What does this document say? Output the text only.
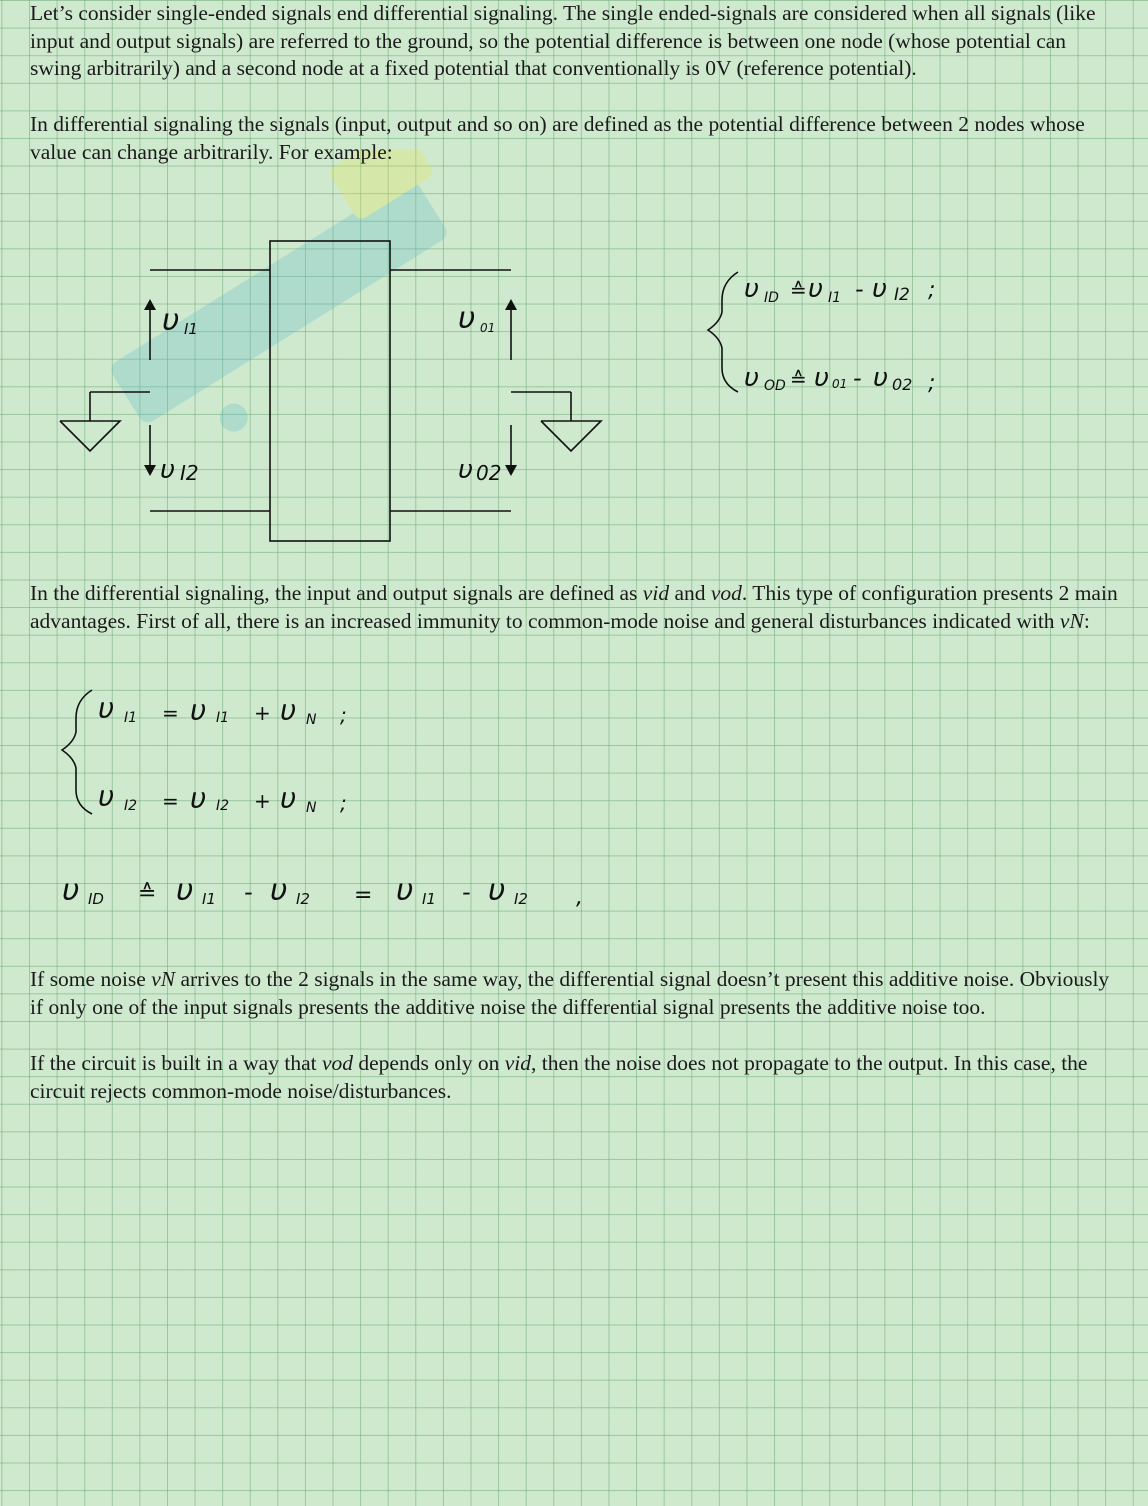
Let’s consider single-ended signals end differential signaling. The single ended-signals are considered when all signals (like input and output signals) are referred to the ground, so the potential difference is between one node (whose potential can swing arbitrarily) and a second node at a fixed potential that conventionally is 0V (reference potential).

In differential signaling the signals (input, output and so on) are defined as the potential difference between 2 nodes whose value can change arbitrarily. For example:

υ I1
υ I2
υ 01
υ 02
υ ID ≙ υ I1 - υ I2 ;
υ OD ≙ υ 01 - υ 02 ;
υ I1 = υ I1 + υ N ;
υ I2 = υ I2 + υ N ;
υ ID ≙ υ I1 - υ I2 = υ I1 - υ I2 ,

In the differential signaling, the input and output signals are defined as vid and vod. This type of configuration presents 2 main advantages. First of all, there is an increased immunity to common-mode noise and general disturbances indicated with vN:

If some noise vN arrives to the 2 signals in the same way, the differential signal doesn’t present this additive noise. Obviously if only one of the input signals presents the additive noise the differential signal presents the additive noise too.

If the circuit is built in a way that vod depends only on vid, then the noise does not propagate to the output. In this case, the circuit rejects common-mode noise/disturbances.
